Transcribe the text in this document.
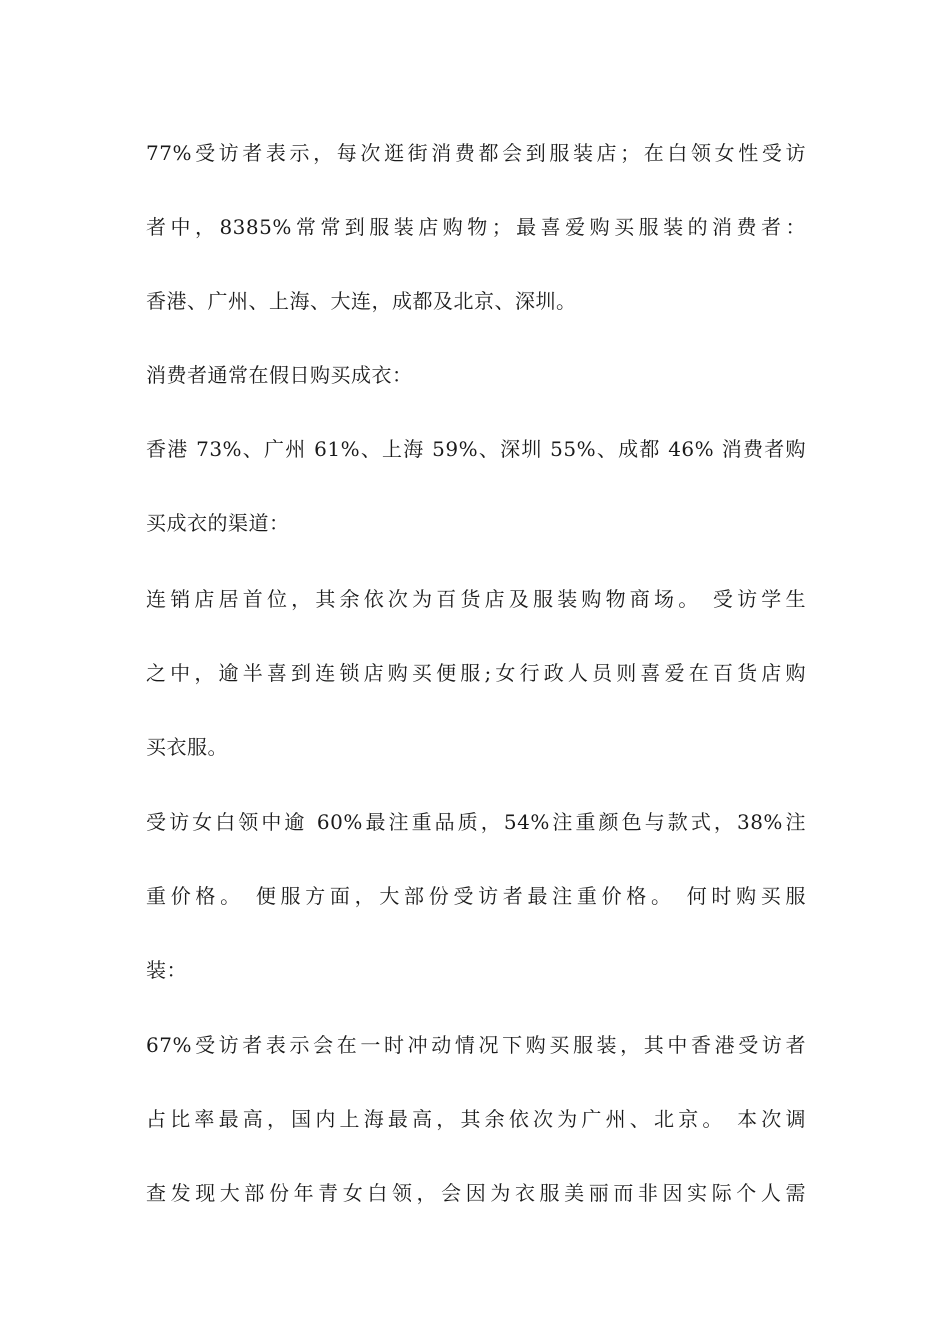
77%受访者表示，每次逛街消费都会到服装店；在白领女性受访
者中，8385%常常到服装店购物；最喜爱购买服装的消费者：
香港、广州、上海、大连，成都及北京、深圳。
消费者通常在假日购买成衣：
香港 73%、广州 61%、上海 59%、深圳 55%、成都 46% 消费者购
买成衣的渠道：
连销店居首位，其余依次为百货店及服装购物商场。 受访学生
之中，逾半喜到连锁店购买便服;女行政人员则喜爱在百货店购
买衣服。
受访女白领中逾 60%最注重品质，54%注重颜色与款式，38%注
重价格。 便服方面，大部份受访者最注重价格。 何时购买服
装：
67%受访者表示会在一时冲动情况下购买服装，其中香港受访者
占比率最高，国内上海最高，其余依次为广州、北京。 本次调
查发现大部份年青女白领，会因为衣服美丽而非因实际个人需
